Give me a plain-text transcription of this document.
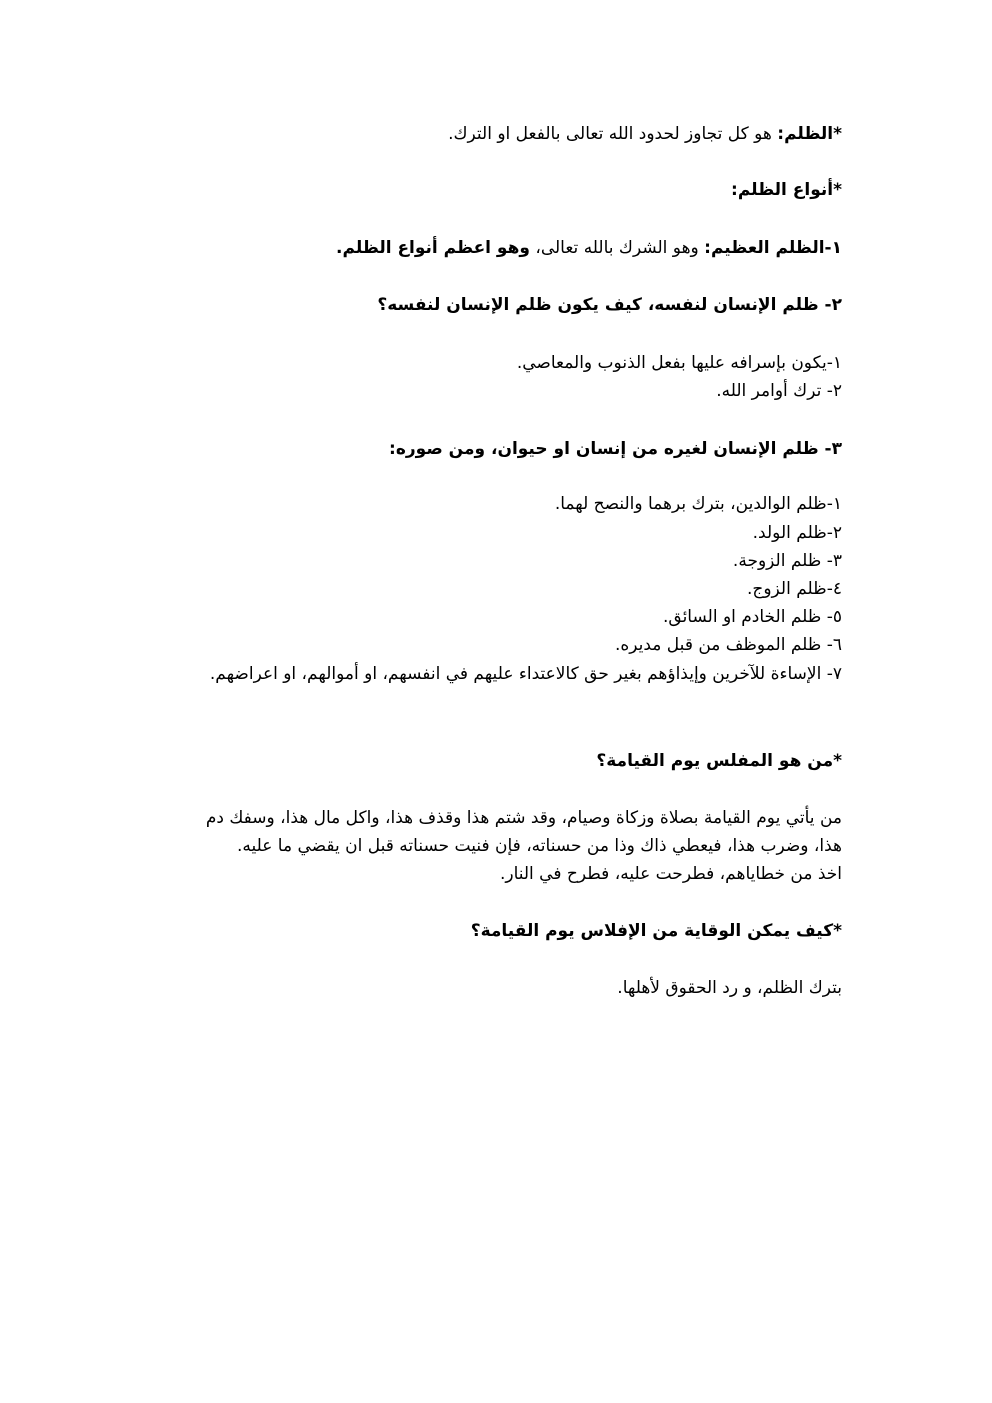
*الظلم: هو كل تجاوز لحدود الله تعالى بالفعل او الترك.
*أنواع الظلم:
١-الظلم العظيم: وهو الشرك بالله تعالى، وهو اعظم أنواع الظلم.
٢- ظلم الإنسان لنفسه، كيف يكون ظلم الإنسان لنفسه؟
١-يكون بإسرافه عليها بفعل الذنوب والمعاصي.
٢- ترك أوامر الله.
٣- ظلم الإنسان لغيره من إنسان او حيوان، ومن صوره:
١-ظلم الوالدين، بترك برهما والنصح لهما.
٢-ظلم الولد.
٣- ظلم الزوجة.
٤-ظلم الزوج.
٥- ظلم الخادم او السائق.
٦- ظلم الموظف من قبل مديره.
٧- الإساءة للآخرين وإيذاؤهم بغير حق كالاعتداء عليهم في انفسهم، او أموالهم، او اعراضهم.
*من هو المفلس يوم القيامة؟
من يأتي يوم القيامة بصلاة وزكاة وصيام، وقد شتم هذا وقذف هذا، واكل مال هذا، وسفك دم
هذا، وضرب هذا، فيعطي ذاك وذا من حسناته، فإن فنيت حسناته قبل ان يقضي ما عليه.
اخذ من خطاياهم، فطرحت عليه، فطرح في النار.
*كيف يمكن الوقاية من الإفلاس يوم القيامة؟
بترك الظلم، و رد الحقوق لأهلها.
